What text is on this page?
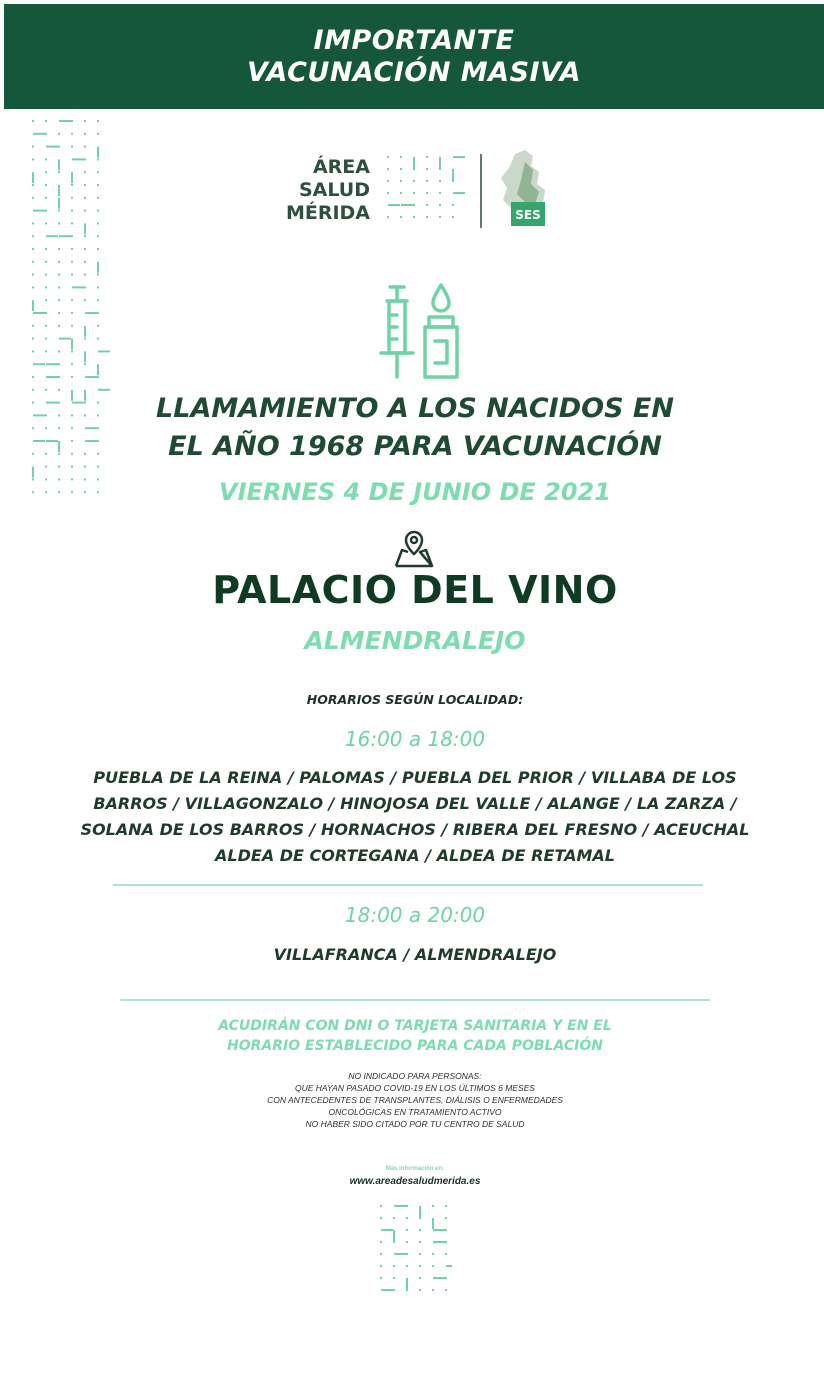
IMPORTANTE
VACUNACIÓN MASIVA
ÁREA
SALUD
MÉRIDA	SES
LLAMAMIENTO A LOS NACIDOS EN
EL AÑO 1968 PARA VACUNACIÓN
VIERNES 4 DE JUNIO DE 2021
PALACIO DEL VINO
ALMENDRALEJO
HORARIOS SEGÚN LOCALIDAD:
16:00 a 18:00
PUEBLA DE LA REINA / PALOMAS / PUEBLA DEL PRIOR / VILLABA DE LOS
BARROS / VILLAGONZALO / HINOJOSA DEL VALLE / ALANGE / LA ZARZA /
SOLANA DE LOS BARROS / HORNACHOS / RIBERA DEL FRESNO / ACEUCHAL
ALDEA DE CORTEGANA / ALDEA DE RETAMAL
18:00 a 20:00
VILLAFRANCA / ALMENDRALEJO
ACUDIRÁN CON DNI O TARJETA SANITARIA Y EN EL
HORARIO ESTABLECIDO PARA CADA POBLACIÓN
NO INDICADO PARA PERSONAS:
QUE HAYAN PASADO COVID-19 EN LOS ÚLTIMOS 6 MESES
CON ANTECEDENTES DE TRANSPLANTES, DIÁLISIS O ENFERMEDADES
ONCOLÓGICAS EN TRATAMIENTO ACTIVO
NO HABER SIDO CITADO POR TU CENTRO DE SALUD
Más información en:
www.areadesaludmerida.es
